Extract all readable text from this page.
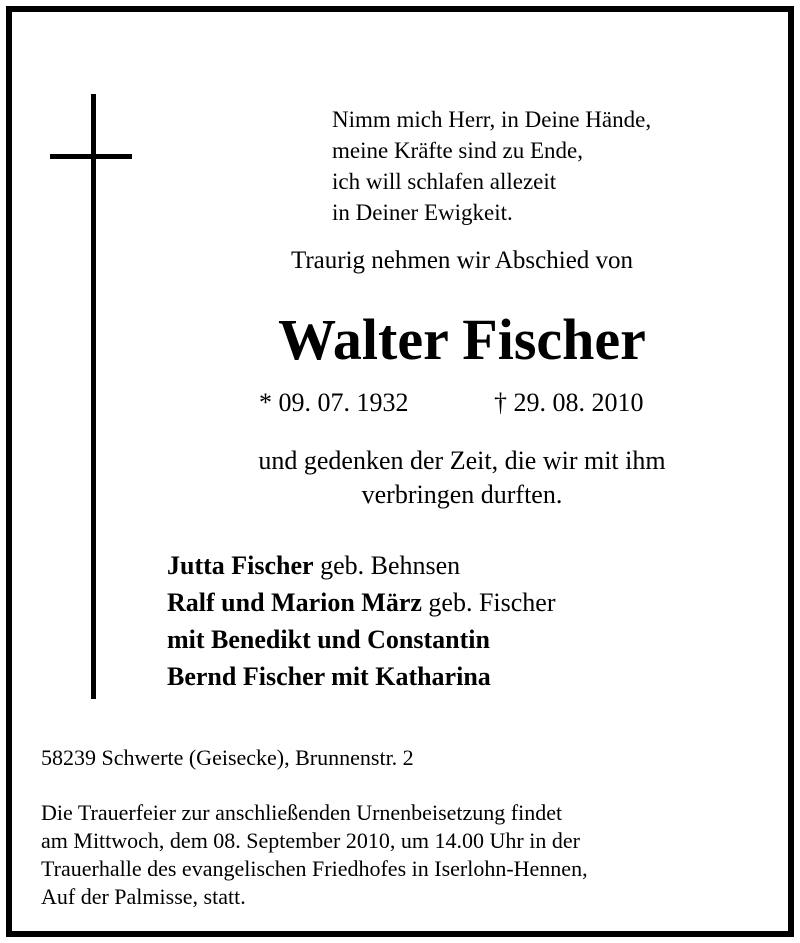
Nimm mich Herr, in Deine Hände,
meine Kräfte sind zu Ende,
ich will schlafen allezeit
in Deiner Ewigkeit.
Traurig nehmen wir Abschied von
Walter Fischer
* 09. 07. 1932	† 29. 08. 2010
und gedenken der Zeit, die wir mit ihm
verbringen durften.
Jutta Fischer geb. Behnsen
Ralf und Marion März geb. Fischer
mit Benedikt und Constantin
Bernd Fischer mit Katharina
58239 Schwerte (Geisecke), Brunnenstr. 2
Die Trauerfeier zur anschließenden Urnenbeisetzung findet
am Mittwoch, dem 08. September 2010, um 14.00 Uhr in der
Trauerhalle des evangelischen Friedhofes in Iserlohn-Hennen,
Auf der Palmisse, statt.
